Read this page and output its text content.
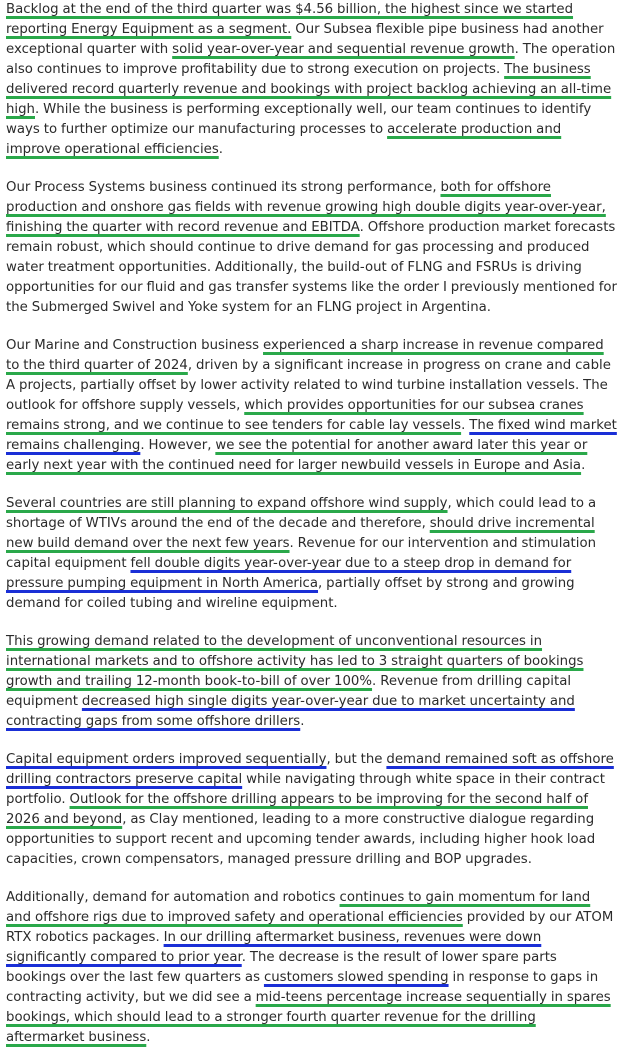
Backlog at the end of the third quarter was $4.56 billion, the highest since we started reporting Energy Equipment as a segment. Our Subsea flexible pipe business had another exceptional quarter with solid year-over-year and sequential revenue growth. The operation also continues to improve profitability due to strong execution on projects. The business delivered record quarterly revenue and bookings with project backlog achieving an all-time high. While the business is performing exceptionally well, our team continues to identify ways to further optimize our manufacturing processes to accelerate production and improve operational efficiencies.

Our Process Systems business continued its strong performance, both for offshore production and onshore gas fields with revenue growing high double digits year-over-year, finishing the quarter with record revenue and EBITDA. Offshore production market forecasts remain robust, which should continue to drive demand for gas processing and produced water treatment opportunities. Additionally, the build-out of FLNG and FSRUs is driving opportunities for our fluid and gas transfer systems like the order I previously mentioned for the Submerged Swivel and Yoke system for an FLNG project in Argentina.

Our Marine and Construction business experienced a sharp increase in revenue compared to the third quarter of 2024, driven by a significant increase in progress on crane and cable A projects, partially offset by lower activity related to wind turbine installation vessels. The outlook for offshore supply vessels, which provides opportunities for our subsea cranes remains strong, and we continue to see tenders for cable lay vessels. The fixed wind market remains challenging. However, we see the potential for another award later this year or early next year with the continued need for larger newbuild vessels in Europe and Asia.

Several countries are still planning to expand offshore wind supply, which could lead to a shortage of WTIVs around the end of the decade and therefore, should drive incremental new build demand over the next few years. Revenue for our intervention and stimulation capital equipment fell double digits year-over-year due to a steep drop in demand for pressure pumping equipment in North America, partially offset by strong and growing demand for coiled tubing and wireline equipment.

This growing demand related to the development of unconventional resources in international markets and to offshore activity has led to 3 straight quarters of bookings growth and trailing 12-month book-to-bill of over 100%. Revenue from drilling capital equipment decreased high single digits year-over-year due to market uncertainty and contracting gaps from some offshore drillers.

Capital equipment orders improved sequentially, but the demand remained soft as offshore drilling contractors preserve capital while navigating through white space in their contract portfolio. Outlook for the offshore drilling appears to be improving for the second half of 2026 and beyond, as Clay mentioned, leading to a more constructive dialogue regarding opportunities to support recent and upcoming tender awards, including higher hook load capacities, crown compensators, managed pressure drilling and BOP upgrades.

Additionally, demand for automation and robotics continues to gain momentum for land and offshore rigs due to improved safety and operational efficiencies provided by our ATOM RTX robotics packages. In our drilling aftermarket business, revenues were down significantly compared to prior year. The decrease is the result of lower spare parts bookings over the last few quarters as customers slowed spending in response to gaps in contracting activity, but we did see a mid-teens percentage increase sequentially in spares bookings, which should lead to a stronger fourth quarter revenue for the drilling aftermarket business.
